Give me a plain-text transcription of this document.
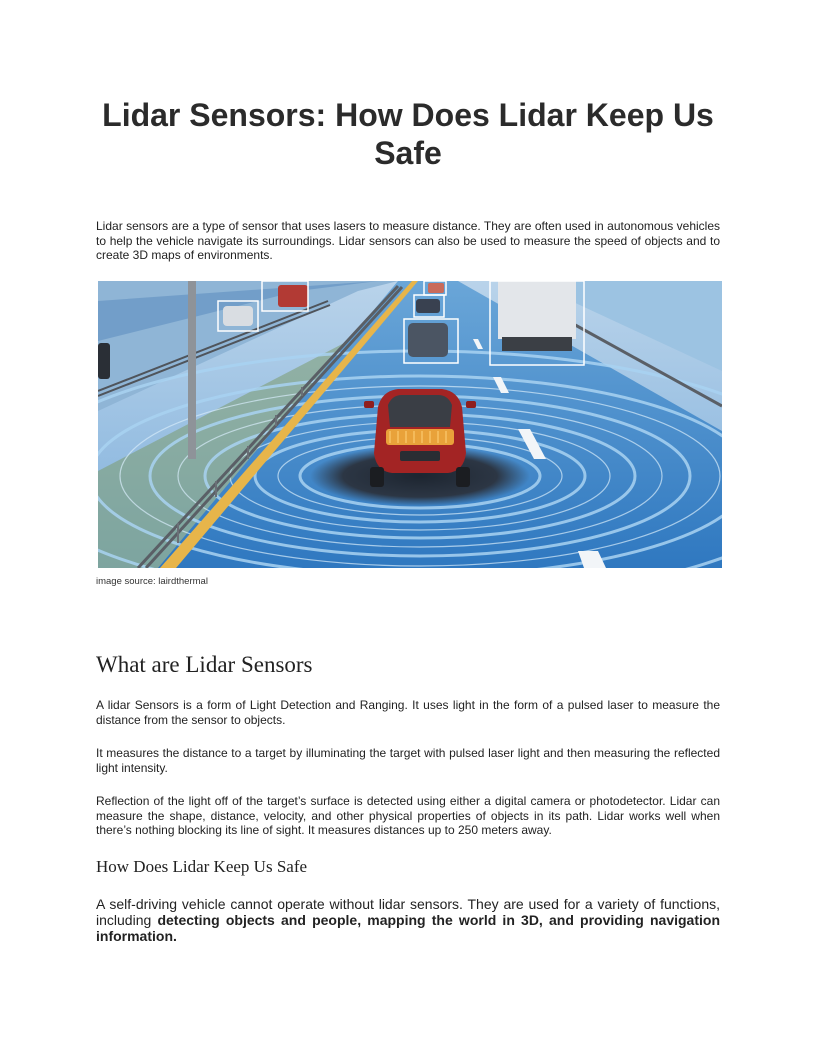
Lidar Sensors: How Does Lidar Keep Us Safe

Lidar sensors are a type of sensor that uses lasers to measure distance. They are often used in autonomous vehicles to help the vehicle navigate its surroundings. Lidar sensors can also be used to measure the speed of objects and to create 3D maps of environments.

image source: lairdthermal

What are Lidar Sensors

A lidar Sensors is a form of Light Detection and Ranging. It uses light in the form of a pulsed laser to measure the distance from the sensor to objects.

It measures the distance to a target by illuminating the target with pulsed laser light and then measuring the reflected light intensity.

Reflection of the light off of the target’s surface is detected using either a digital camera or photodetector. Lidar can measure the shape, distance, velocity, and other physical properties of objects in its path. Lidar works well when there’s nothing blocking its line of sight. It measures distances up to 250 meters away.

How Does Lidar Keep Us Safe

A self-driving vehicle cannot operate without lidar sensors. They are used for a variety of functions, including detecting objects and people, mapping the world in 3D, and providing navigation information.
